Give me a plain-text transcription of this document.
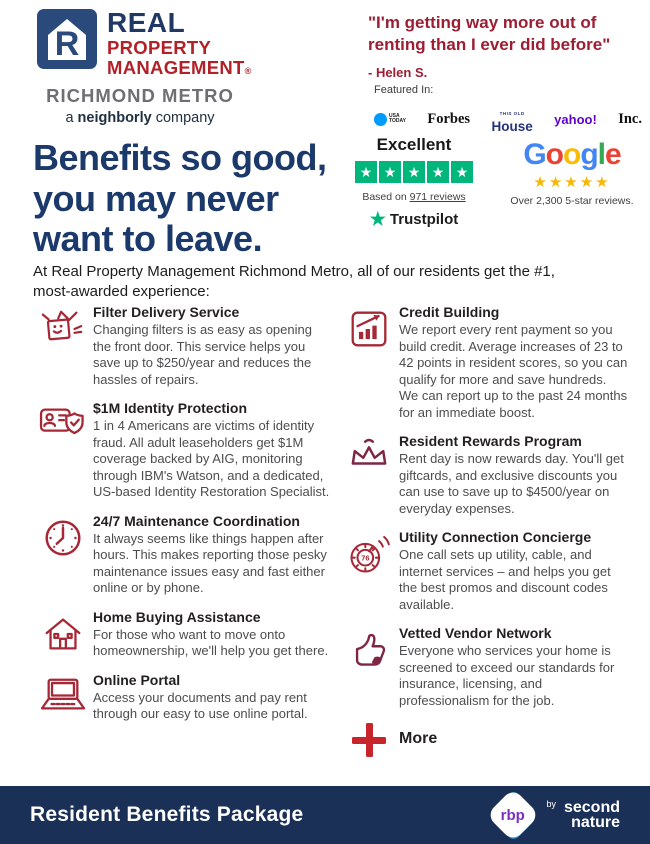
R
REAL
PROPERTY
MANAGEMENT®
RICHMOND METRO
a neighborly company
"I'm getting way more out of
renting than I ever did before"
- Helen S.
Featured In:
USA
TODAY Forbes	THIS OLD
House yahoo! Inc.
Excellent
★ ★ ★ ★ ★
Based on 971 reviews
★ Trustpilot
Google
★★★★★
Over 2,300 5-star reviews.
Benefits so good,
you may never
want to leave.
At Real Property Management Richmond Metro, all of our residents get the #1, most-awarded experience:
Filter Delivery Service
Changing filters is as easy as opening the front door. This service helps you save up to $250/year and reduces the hassles of repairs.
$1M Identity Protection
1 in 4 Americans are victims of identity fraud. All adult leaseholders get $1M coverage backed by AIG, monitoring through IBM's Watson, and a dedicated, US-based Identity Restoration Specialist.
24/7 Maintenance Coordination
It always seems like things happen after hours. This makes reporting those pesky maintenance issues easy and fast either online or by phone.
Home Buying Assistance
For those who want to move onto homeownership, we'll help you get there.
Online Portal
Access your documents and pay rent through our easy to use online portal.
Credit Building
We report every rent payment so you build credit. Average increases of 23 to 42 points in resident scores, so you can qualify for more and save hundreds. We can report up to the past 24 months for an immediate boost.
Resident Rewards Program
Rent day is now rewards day. You'll get giftcards, and exclusive discounts you can use to save up to $4500/year on everyday expenses.
76
Utility Connection Concierge
One call sets up utility, cable, and internet services – and helps you get the best promos and discount codes available.
Vetted Vendor Network
Everyone who services your home is screened to exceed our standards for insurance, licensing, and professionalism for the job.
More
Resident Benefits Package	rbp
by second
nature
